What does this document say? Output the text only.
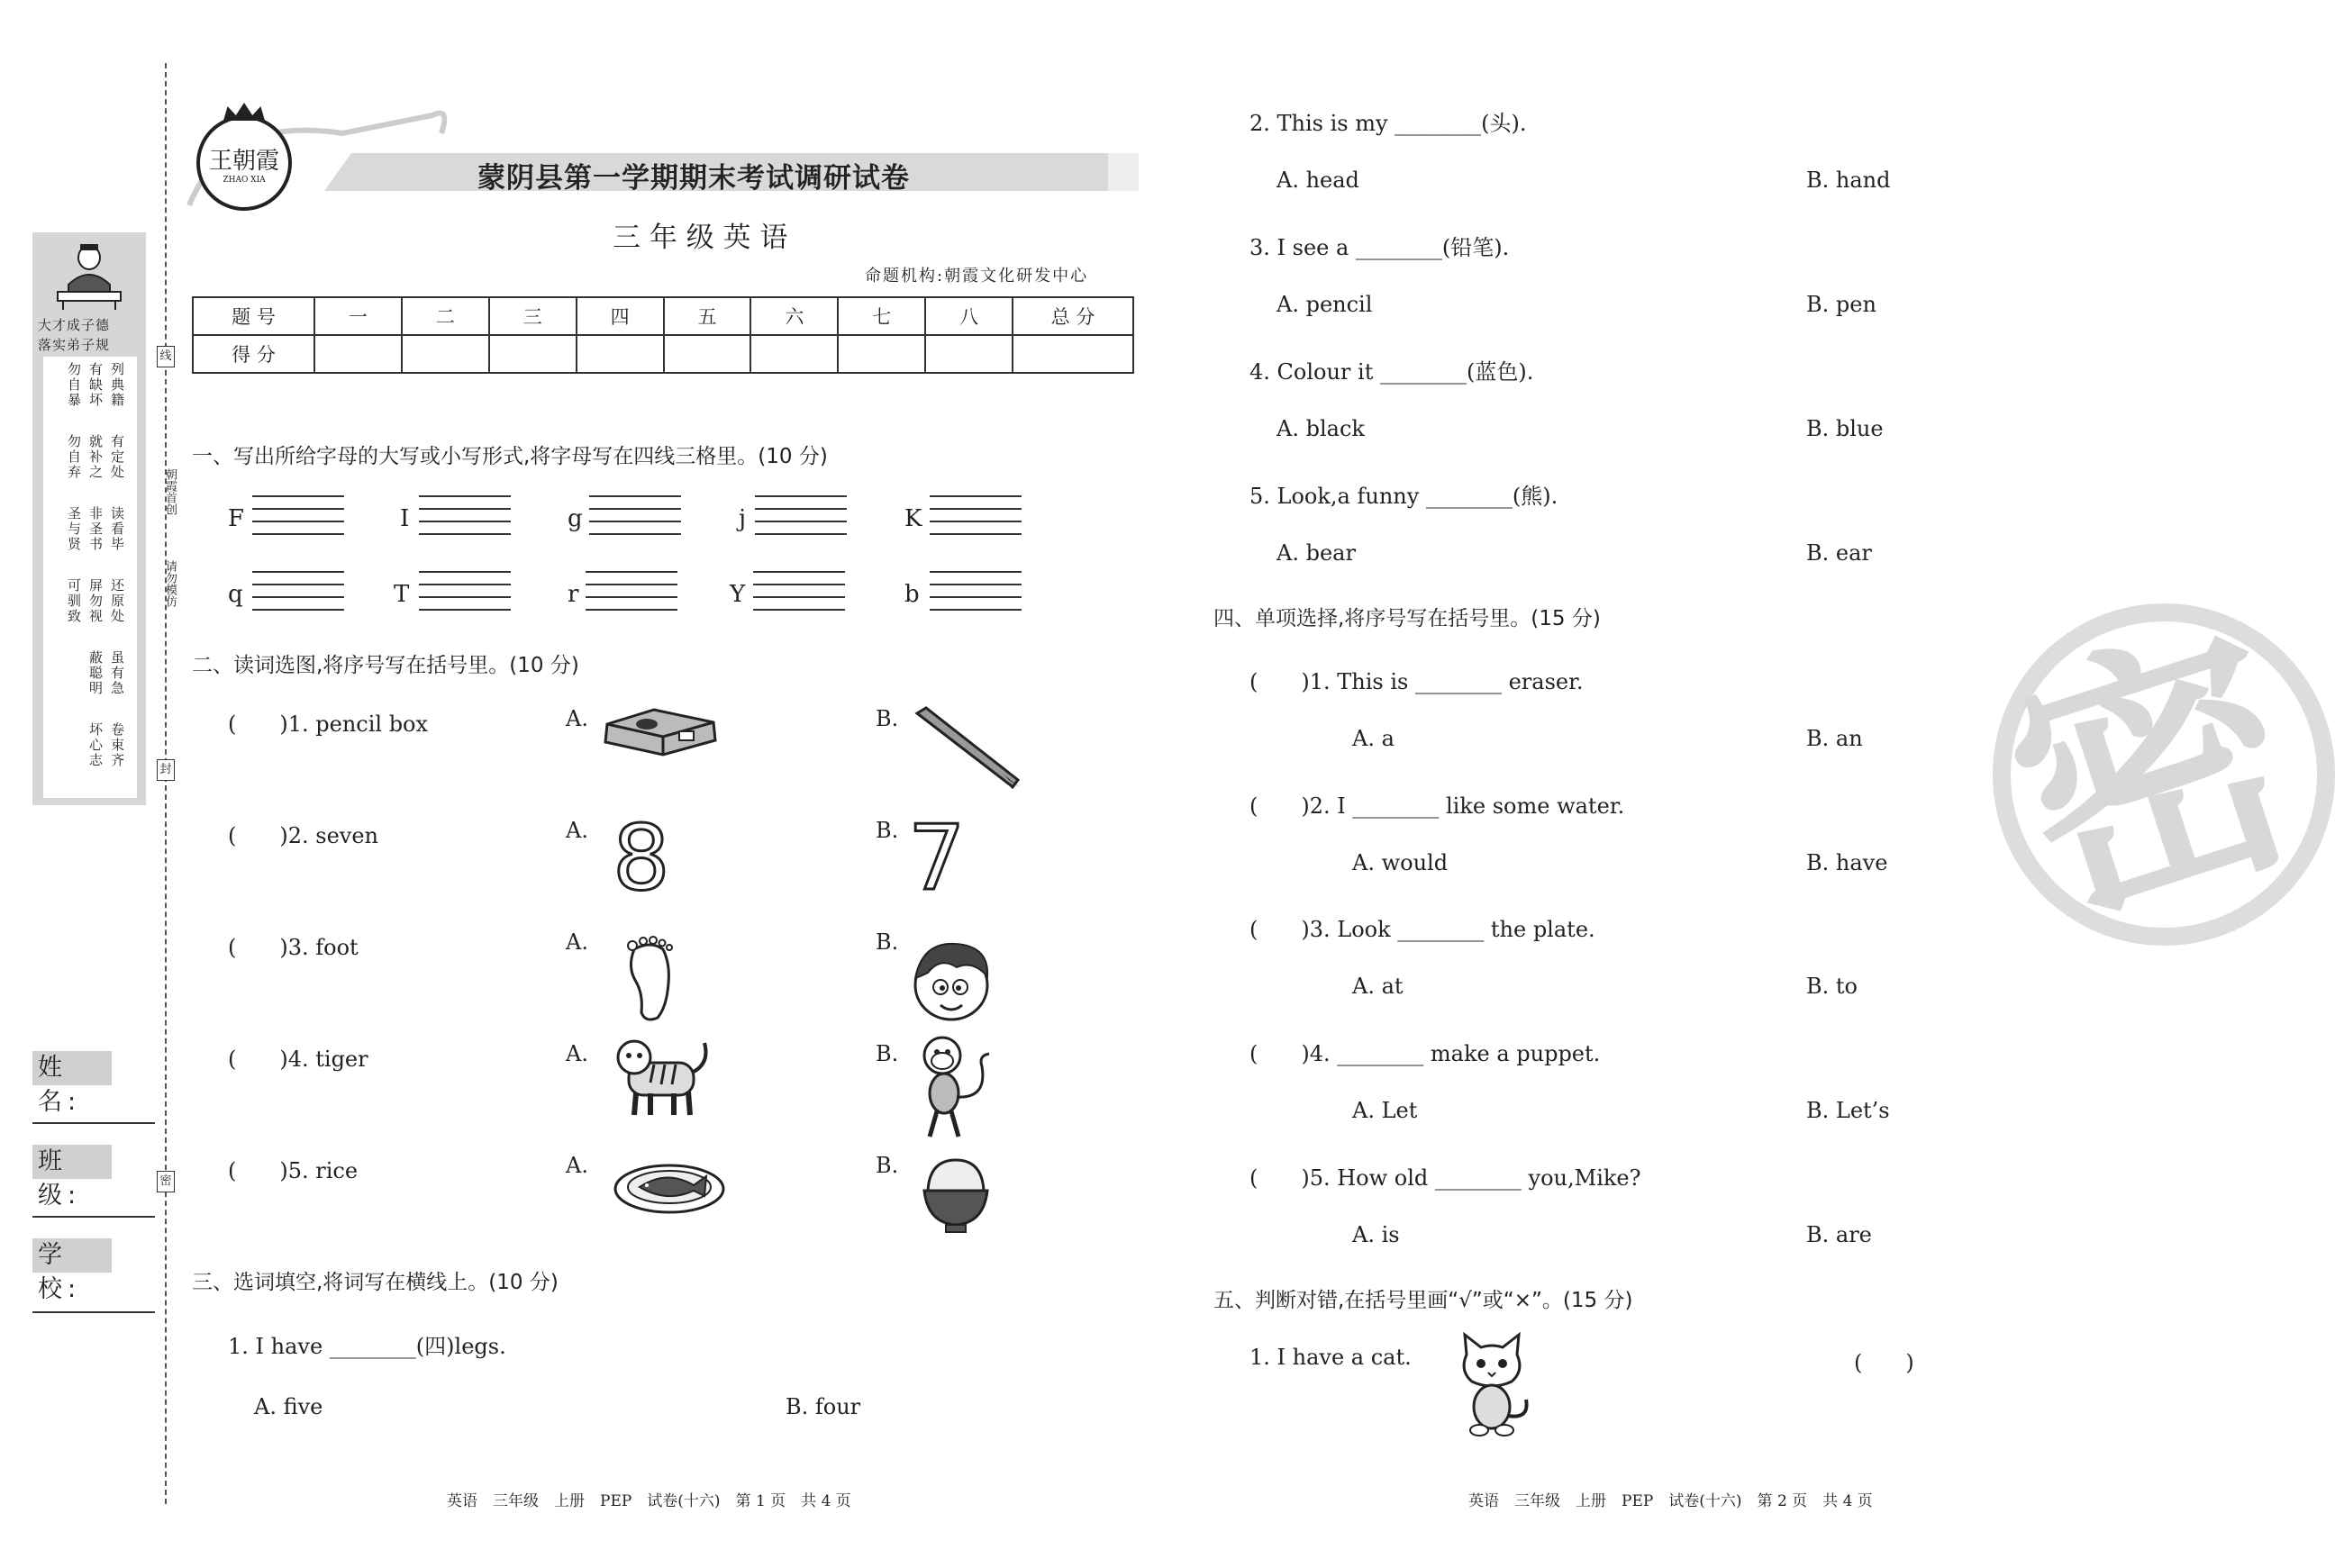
大才成子德
落实弟子规
列典籍
有缺坏
勿自暴
有定处
就补之
勿自弃
读看毕
非圣书
圣与贤
还原处
屏勿视
可驯致
虽有急
蔽聪明
卷束齐
坏心志
姓 名:
班 级:
学 校:
线
朝霞首创
请勿模仿
封
密
王朝霞
ZHAO XIA	蒙阴县第一学期期末考试调研试卷
三 年 级 英 语
命题机构:朝霞文化研发中心
题 号	一	二	三	四	五	六	七	八	总 分
得 分									
一、写出所给字母的大写或小写形式,将字母写在四线三格里。(10 分)
F	I	g	j	K
q	T	r	Y	b
二、读词选图,将序号写在括号里。(10 分)
(　　)1. pencil box	A.	B.
(　　)2. seven	A. 8	B. 7
(　　)3. foot	A.	B.
(　　)4. tiger	A.	B.
(　　)5. rice	A.	B.
三、选词填空,将词写在横线上。(10 分)
1. I have ________(四)legs.
A. five	B. four
英语　三年级　上册　PEP　试卷(十六)　第 1 页　共 4 页
2. This is my ________(头).
A. head	B. hand
3. I see a ________(铅笔).
A. pencil	B. pen
4. Colour it ________(蓝色).
A. black	B. blue
5. Look,a funny ________(熊).
A. bear	B. ear
四、单项选择,将序号写在括号里。(15 分)
(　　)1. This is ________ eraser.
A. a	B. an
(　　)2. I ________ like some water.
A. would	B. have
(　　)3. Look ________ the plate.
A. at	B. to
(　　)4. ________ make a puppet.
A. Let	B. Let’s
(　　)5. How old ________ you,Mike?
A. is	B. are
五、判断对错,在括号里画“√”或“×”。(15 分)
1. I have a cat.	(　　)
英语　三年级　上册　PEP　试卷(十六)　第 2 页　共 4 页
密
